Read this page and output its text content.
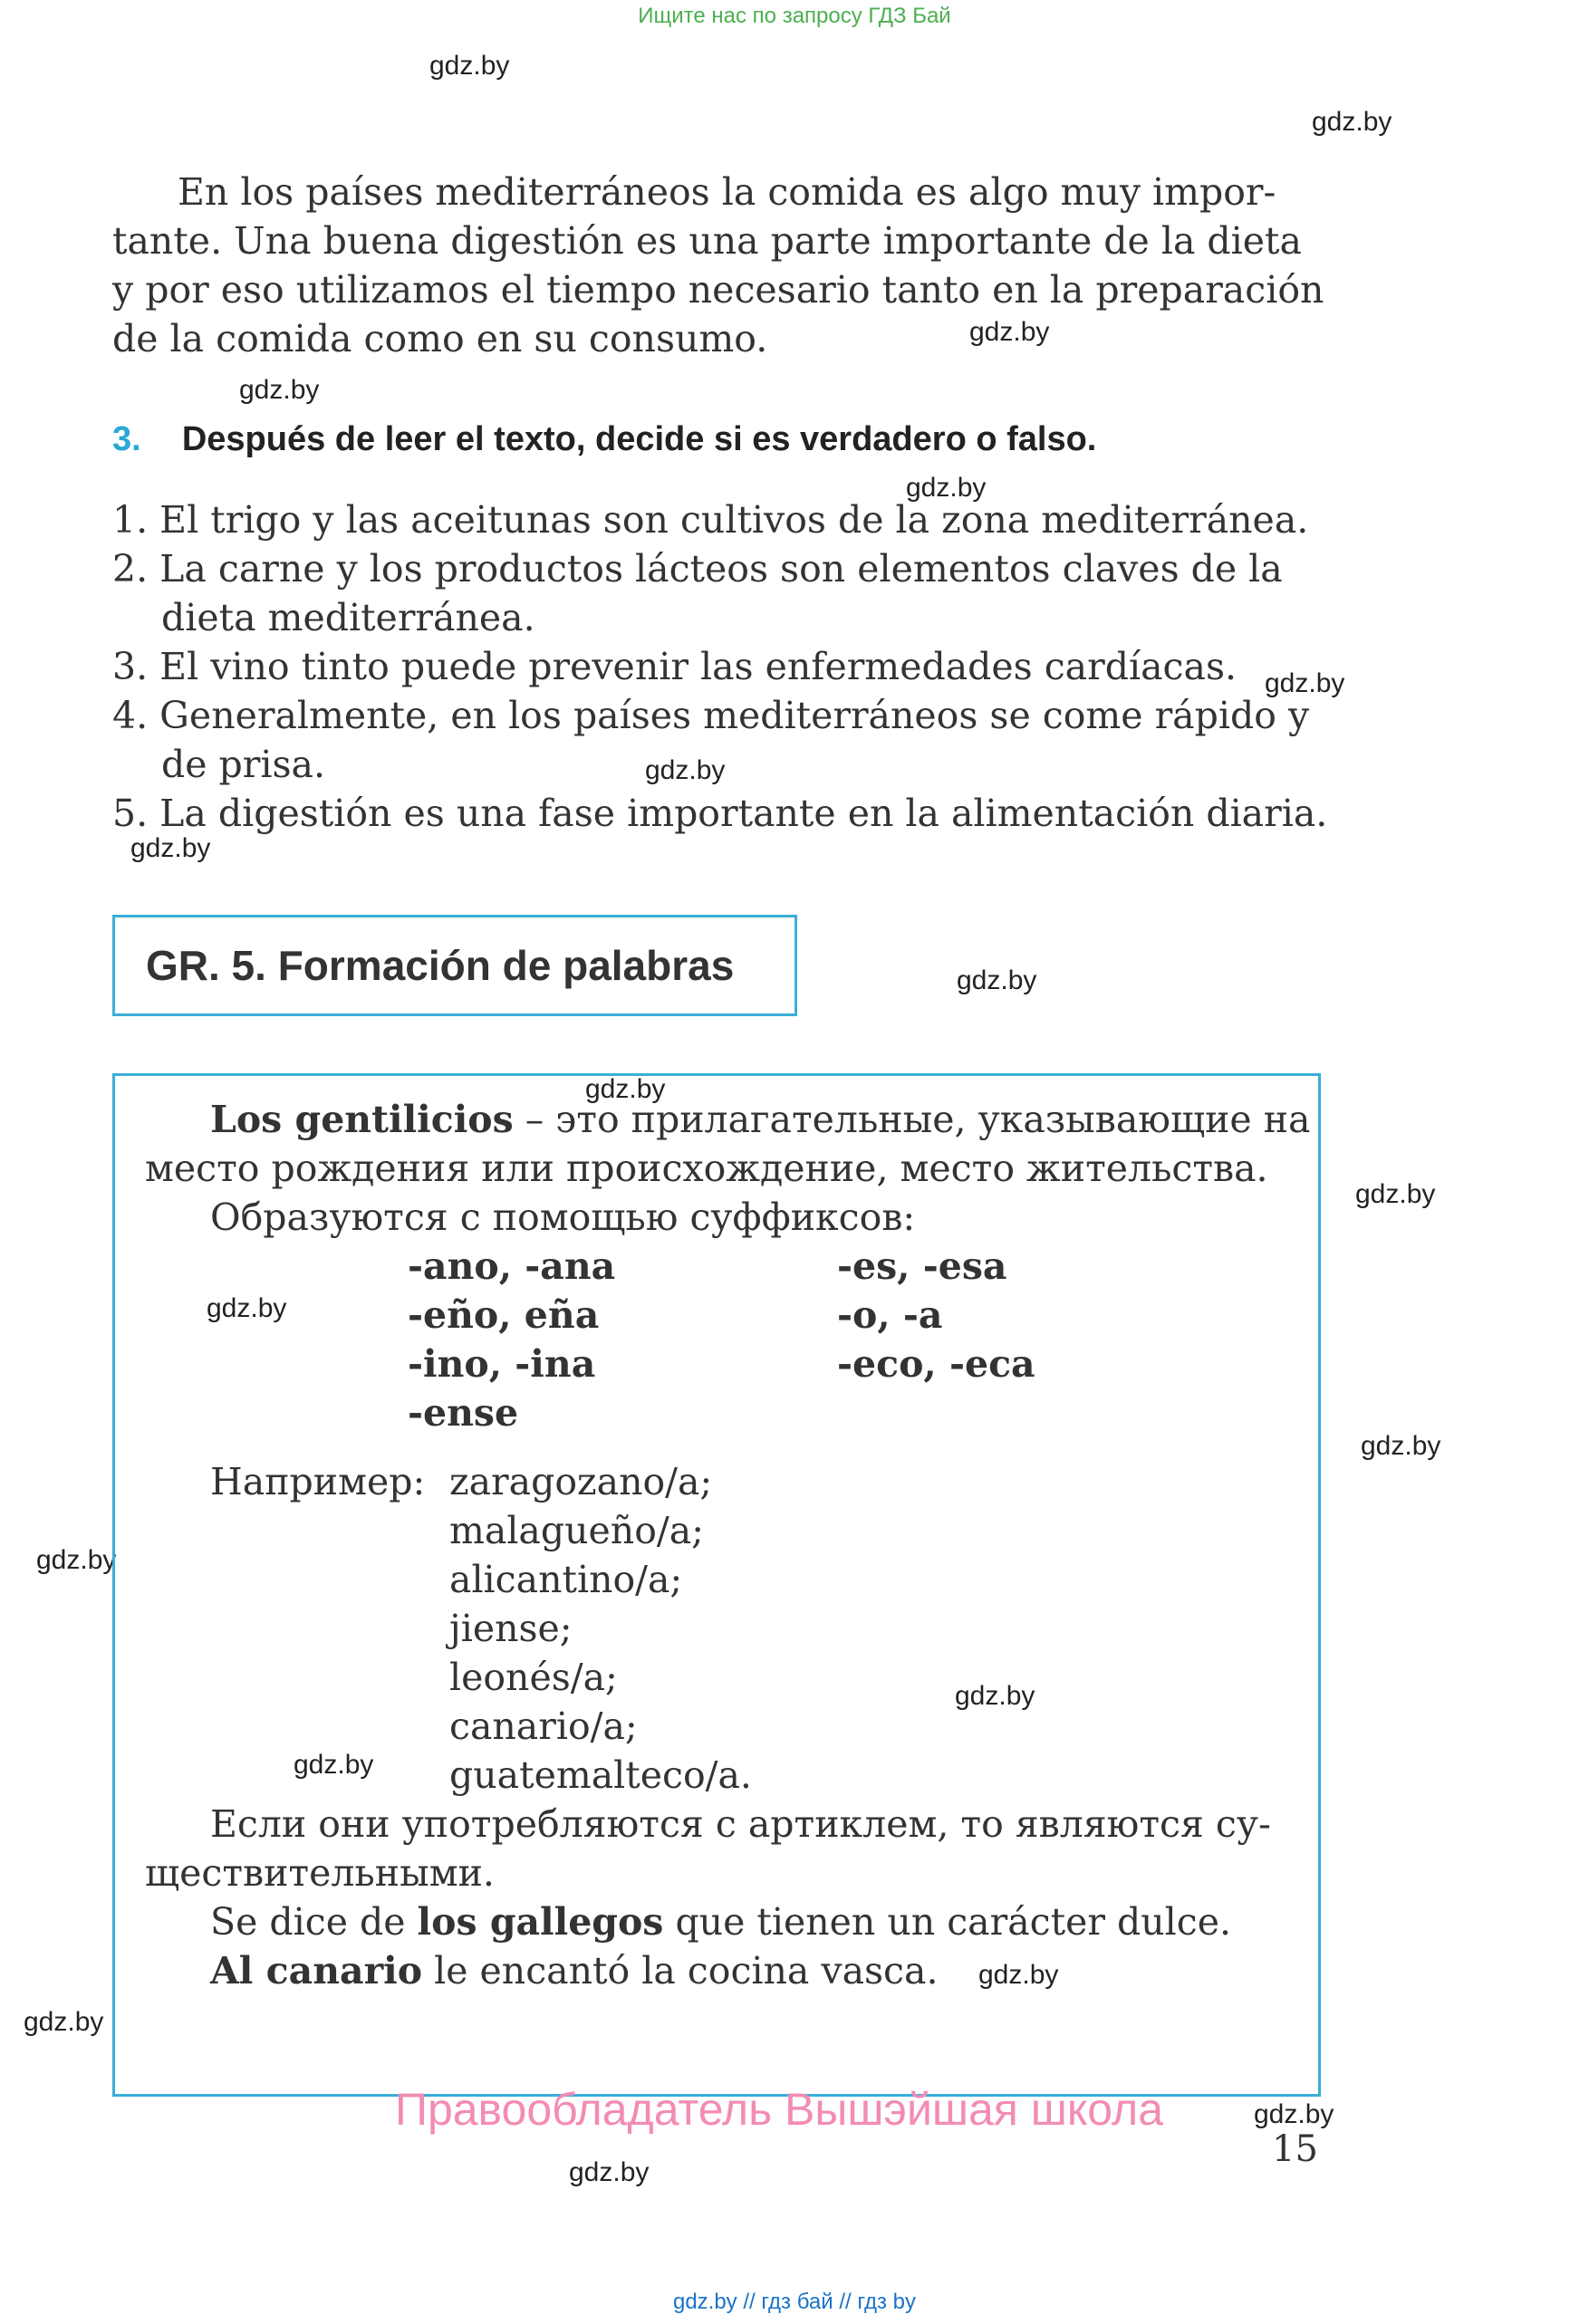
Ищите нас по запросу ГДЗ Бай
gdz.by
gdz.by
gdz.by
gdz.by
gdz.by
gdz.by
gdz.by
gdz.by
gdz.by
gdz.by
gdz.by
gdz.by
gdz.by
gdz.by
gdz.by
gdz.by
gdz.by
gdz.by
gdz.by
gdz.by
En los países mediterráneos la comida es algo muy impor-
tante. Una buena digestión es una parte importante de la dieta
y por eso utilizamos el tiempo necesario tanto en la preparación
de la comida como en su consumo.
3. Después de leer el texto, decide si es verdadero o falso.
1. El trigo y las aceitunas son cultivos de la zona mediterránea.
2. La carne y los productos lácteos son elementos claves de la
dieta mediterránea.
3. El vino tinto puede prevenir las enfermedades cardíacas.
4. Generalmente, en los países mediterráneos se come rápido y
de prisa.
5. La digestión es una fase importante en la alimentación diaria.
GR. 5. Formación de palabras
Los gentilicios – это прилагательные, указывающие на
место рождения или происхождение, место жительства.
Образуются с помощью суффиксов:
-ano, -ana
-eño, eña
-ino, -ina
-ense
-es, -esa
-o, -a
-eco, -eca
Например: zaragozano/a;
malagueño/a;
alicantino/a;
jiense;
leonés/a;
canario/a;
guatemalteco/a.
Если они употребляются с артиклем, то являются су-
ществительными.
Se dice de los gallegos que tienen un carácter dulce.
Al canario le encantó la cocina vasca.
Правообладатель Вышэйшая школа
15
gdz.by // гдз бай // гдз by
